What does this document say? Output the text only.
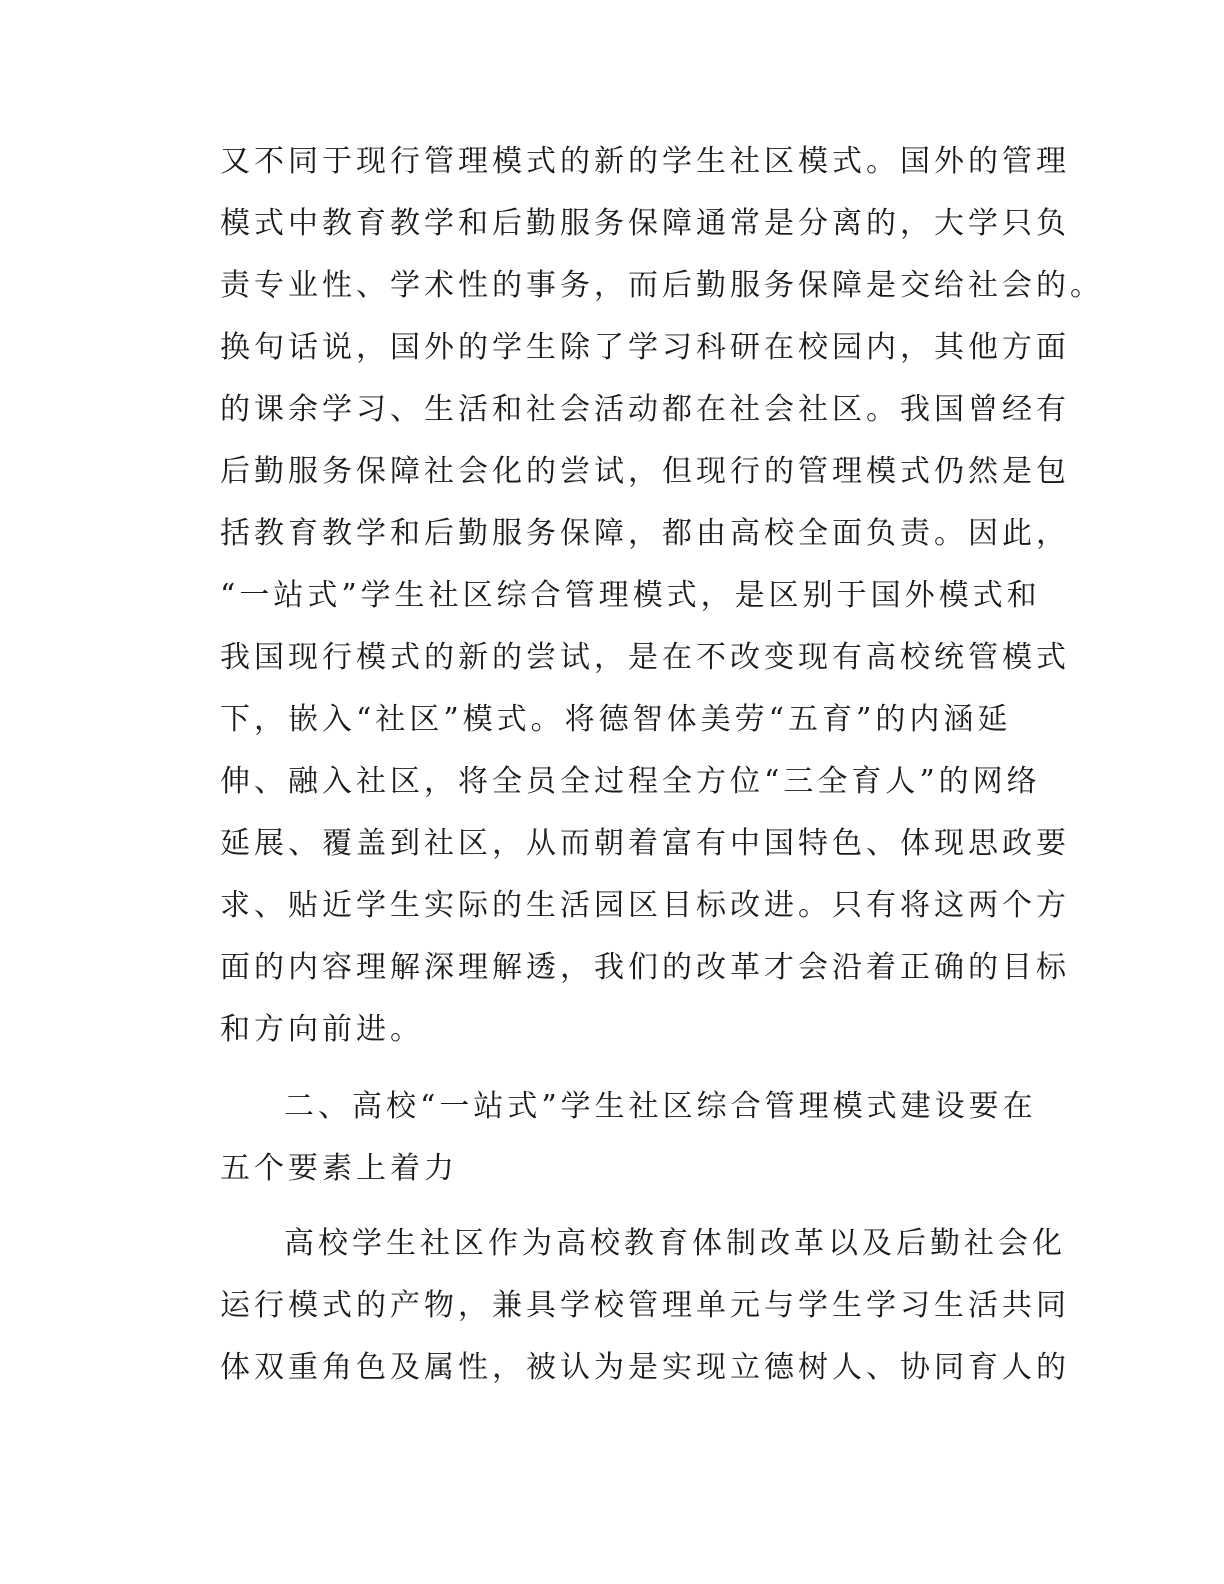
又不同于现行管理模式的新的学生社区模式。国外的管理
模式中教育教学和后勤服务保障通常是分离的，大学只负
责专业性、学术性的事务，而后勤服务保障是交给社会的。
换句话说，国外的学生除了学习科研在校园内，其他方面
的课余学习、生活和社会活动都在社会社区。我国曾经有
后勤服务保障社会化的尝试，但现行的管理模式仍然是包
括教育教学和后勤服务保障，都由高校全面负责。因此，
“一站式”学生社区综合管理模式，是区别于国外模式和
我国现行模式的新的尝试，是在不改变现有高校统管模式
下，嵌入“社区”模式。将德智体美劳“五育”的内涵延
伸、融入社区，将全员全过程全方位“三全育人”的网络
延展、覆盖到社区，从而朝着富有中国特色、体现思政要
求、贴近学生实际的生活园区目标改进。只有将这两个方
面的内容理解深理解透，我们的改革才会沿着正确的目标
和方向前进。
二、高校“一站式”学生社区综合管理模式建设要在
五个要素上着力
高校学生社区作为高校教育体制改革以及后勤社会化
运行模式的产物，兼具学校管理单元与学生学习生活共同
体双重角色及属性，被认为是实现立德树人、协同育人的
